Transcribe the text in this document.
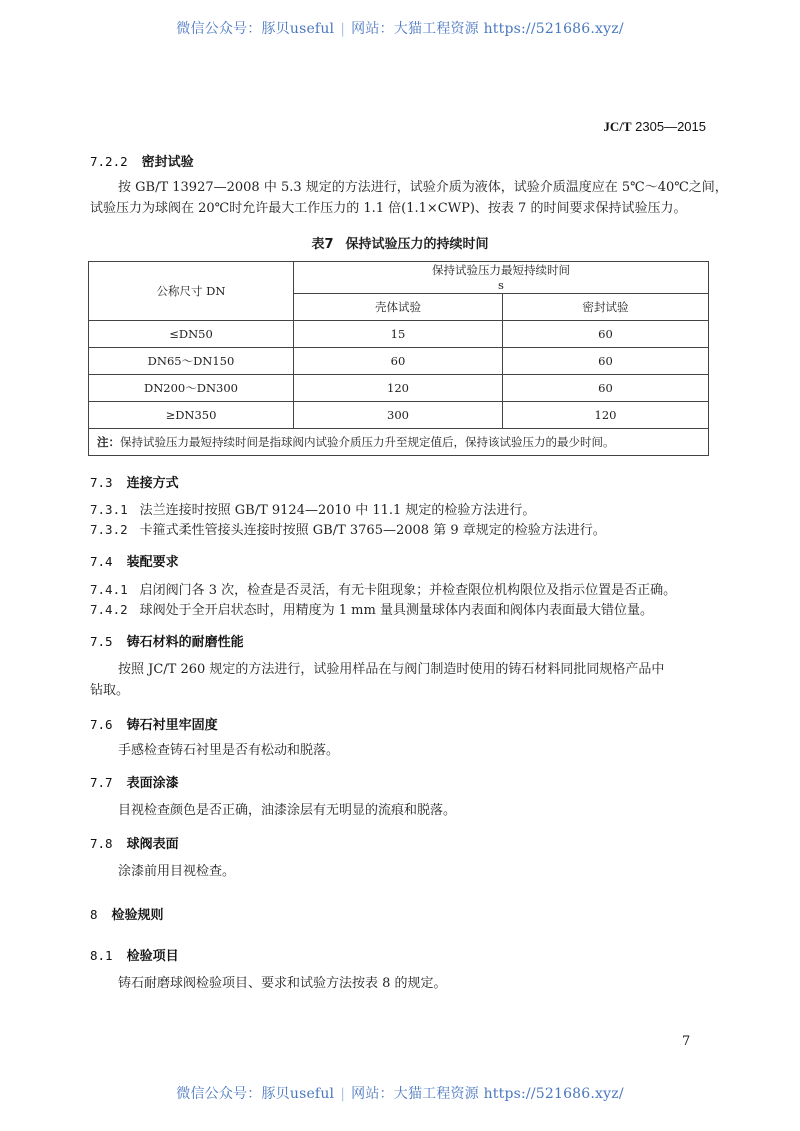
微信公众号：豚贝useful | 网站：大猫工程资源 https://521686.xyz/
JC/T 2305—2015
7.2.2 密封试验
按 GB/T 13927—2008 中 5.3 规定的方法进行，试验介质为液体，试验介质温度应在 5℃～40℃之间，
试验压力为球阀在 20℃时允许最大工作压力的 1.1 倍(1.1×CWP)、按表 7 的时间要求保持试验压力。
表7 保持试验压力的持续时间
公称尺寸 DN	保持试验压力最短持续时间
s	

	壳体试验	密封试验
≤DN50	15	60
DN65～DN150	60	60
DN200～DN300	120	60
≥DN350	300	120
注：保持试验压力最短持续时间是指球阀内试验介质压力升至规定值后，保持该试验压力的最少时间。		
7.3 连接方式
7.3.1 法兰连接时按照 GB/T 9124—2010 中 11.1 规定的检验方法进行。
7.3.2 卡箍式柔性管接头连接时按照 GB/T 3765—2008 第 9 章规定的检验方法进行。
7.4 装配要求
7.4.1 启闭阀门各 3 次，检查是否灵活，有无卡阻现象；并检查限位机构限位及指示位置是否正确。
7.4.2 球阀处于全开启状态时，用精度为 1 mm 量具测量球体内表面和阀体内表面最大错位量。
7.5 铸石材料的耐磨性能
按照 JC/T 260 规定的方法进行，试验用样品在与阀门制造时使用的铸石材料同批同规格产品中
钻取。
7.6 铸石衬里牢固度
手感检查铸石衬里是否有松动和脱落。
7.7 表面涂漆
目视检查颜色是否正确，油漆涂层有无明显的流痕和脱落。
7.8 球阀表面
涂漆前用目视检查。
8 检验规则
8.1 检验项目
铸石耐磨球阀检验项目、要求和试验方法按表 8 的规定。
7
微信公众号：豚贝useful | 网站：大猫工程资源 https://521686.xyz/
